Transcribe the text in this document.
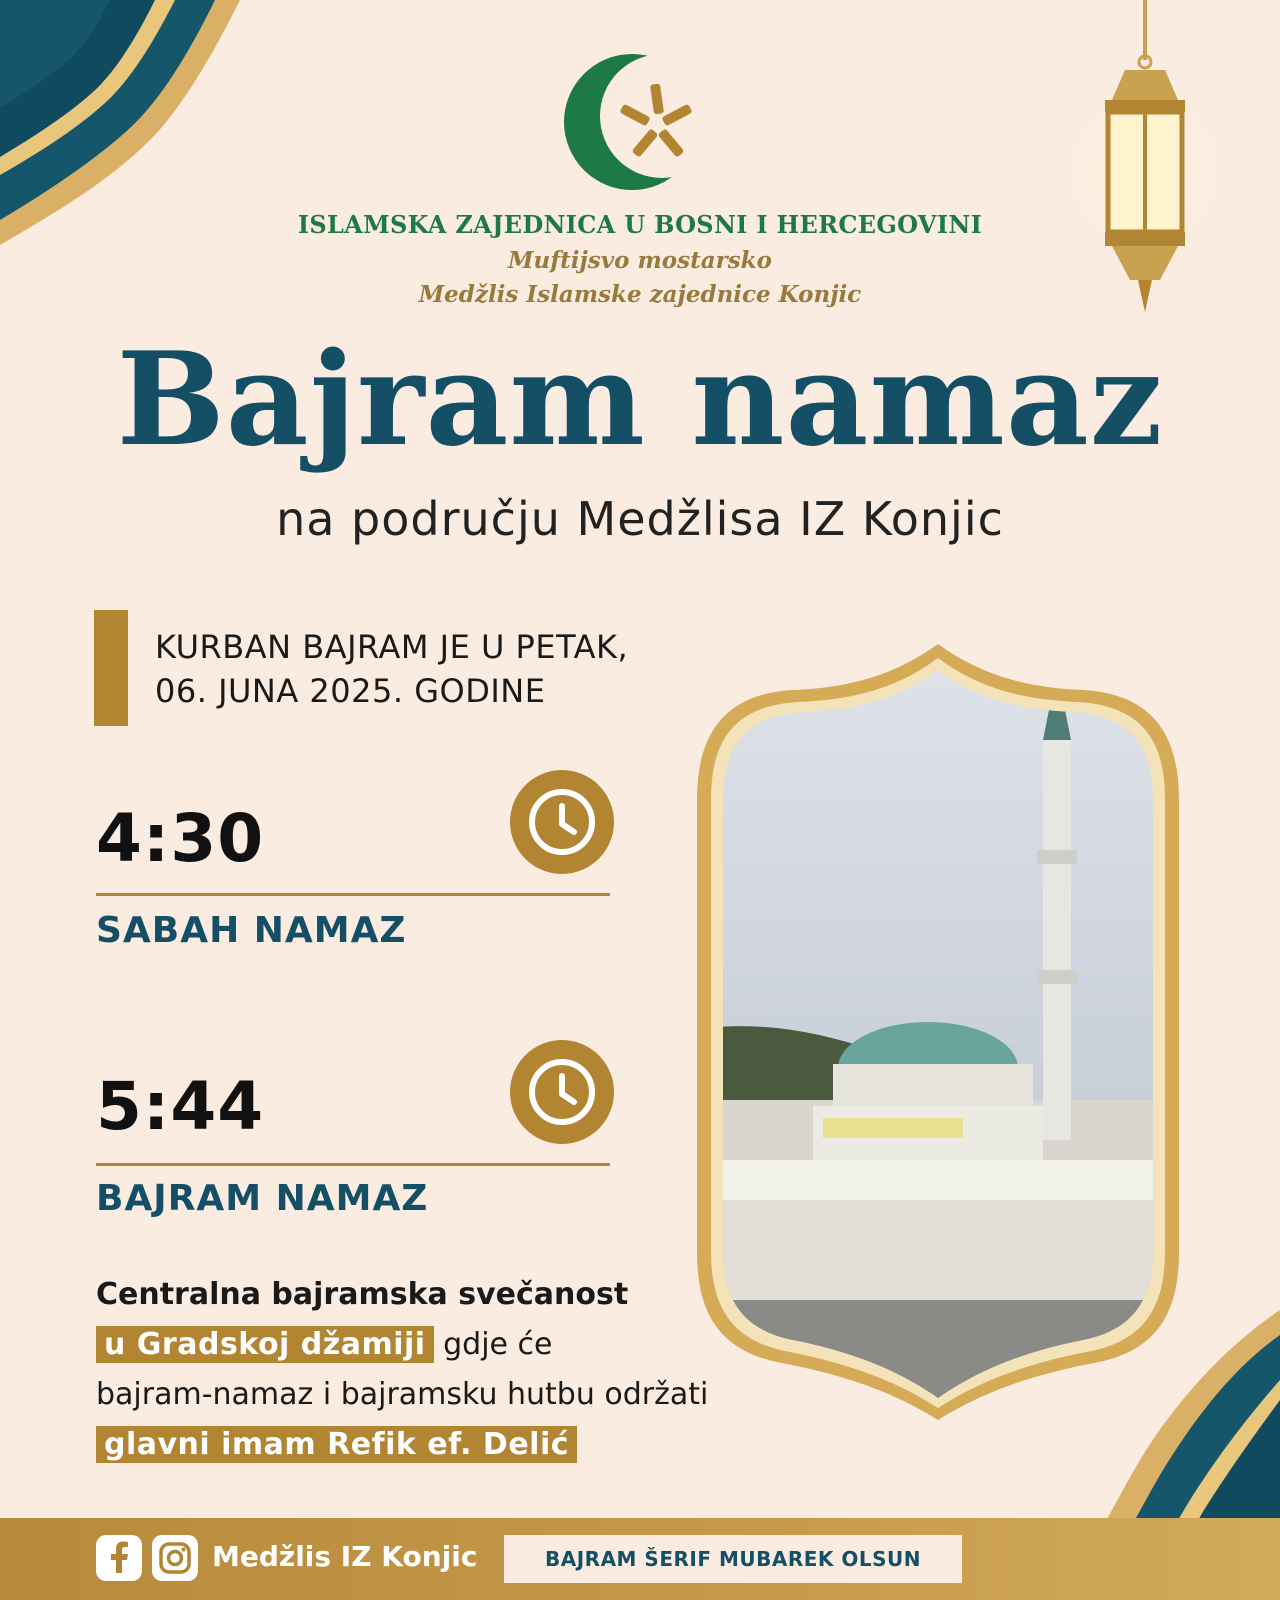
ISLAMSKA ZAJEDNICA U BOSNI I HERCEGOVINI
Muftijsvo mostarsko
Medžlis Islamske zajednice Konjic
Bajram namaz
na području Medžlisa IZ Konjic
KURBAN BAJRAM JE U PETAK,
06. JUNA 2025. GODINE
4:30
SABAH NAMAZ
5:44
BAJRAM NAMAZ
Centralna bajramska svečanost
u Gradskoj džamiji gdje će
bajram-namaz i bajramsku hutbu održati
glavni imam Refik ef. Delić
Medžlis IZ Konjic	BAJRAM ŠERIF MUBAREK OLSUN
